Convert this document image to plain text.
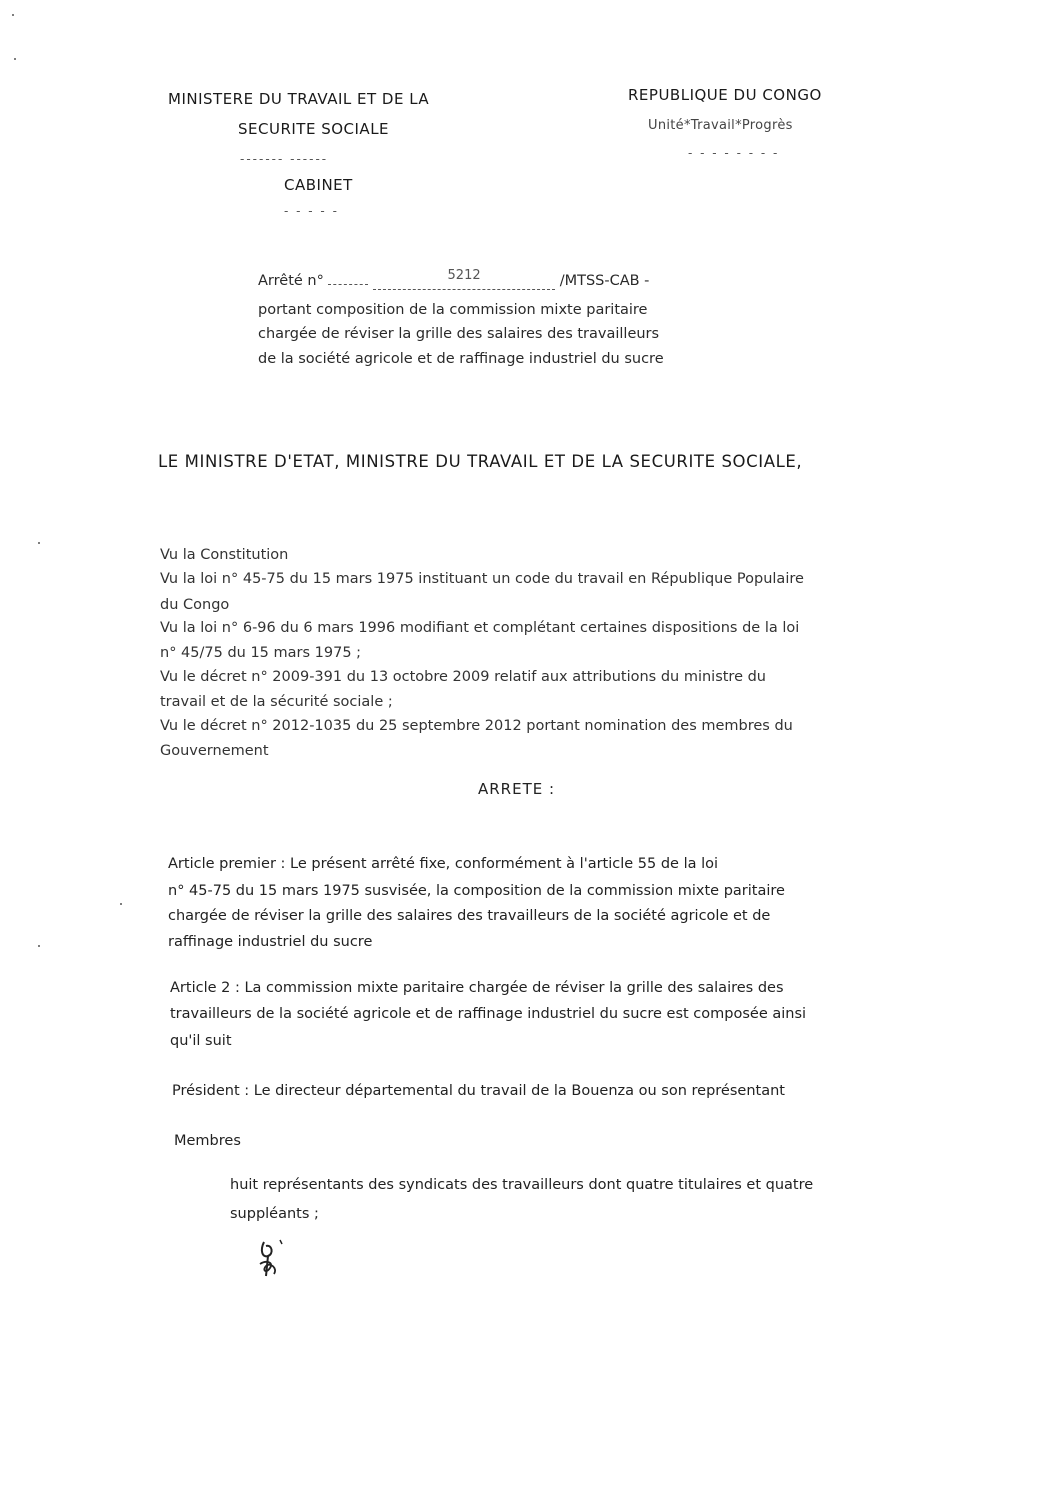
MINISTERE DU TRAVAIL ET DE LA
SECURITE SOCIALE
------- ------
CABINET
- - - - -
REPUBLIQUE DU CONGO
Unité*Travail*Progrès
- - - - - - - -
Arrêté n°	5212	/MTSS-CAB -
portant composition de la commission mixte paritaire
chargée de réviser la grille des salaires des travailleurs
de la société agricole et de raffinage industriel du sucre
LE MINISTRE D'ETAT, MINISTRE DU TRAVAIL ET DE LA SECURITE SOCIALE,
Vu la Constitution
Vu la loi n° 45-75 du 15 mars 1975 instituant un code du travail en République Populaire
du Congo
Vu la loi n° 6-96 du 6 mars 1996 modifiant et complétant certaines dispositions de la loi
n° 45/75 du 15 mars 1975 ;
Vu le décret n° 2009-391 du 13 octobre 2009 relatif aux attributions du ministre du
travail et de la sécurité sociale ;
Vu le décret n° 2012-1035 du 25 septembre 2012 portant nomination des membres du
Gouvernement
ARRETE :
Article premier : Le présent arrêté fixe, conformément à l'article 55 de la loi
n° 45-75 du 15 mars 1975 susvisée, la composition de la commission mixte paritaire
chargée de réviser la grille des salaires des travailleurs de la société agricole et de
raffinage industriel du sucre
Article 2 : La commission mixte paritaire chargée de réviser la grille des salaires des
travailleurs de la société agricole et de raffinage industriel du sucre est composée ainsi
qu'il suit
Président : Le directeur départemental du travail de la Bouenza ou son représentant
Membres
huit représentants des syndicats des travailleurs dont quatre titulaires et quatre
suppléants ;
